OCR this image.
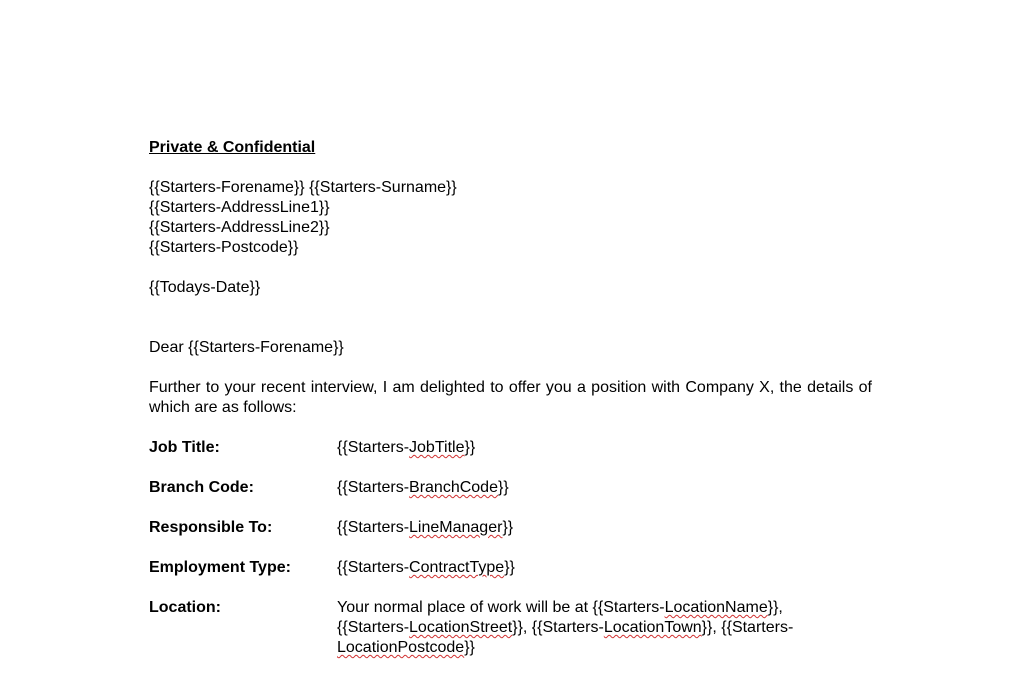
Private & Confidential
{{Starters-Forename}} {{Starters-Surname}}
{{Starters-AddressLine1}}
{{Starters-AddressLine2}}
{{Starters-Postcode}}
{{Todays-Date}}
Dear {{Starters-Forename}}
Further to your recent interview, I am delighted to offer you a position with Company X, the details of which are as follows:
Job Title:	{{Starters-JobTitle}}
Branch Code:	{{Starters-BranchCode}}
Responsible To:	{{Starters-LineManager}}
Employment Type:	{{Starters-ContractType}}
Location:	Your normal place of work will be at {{Starters-LocationName}},
{{Starters-LocationStreet}}, {{Starters-LocationTown}}, {{Starters-
LocationPostcode}}
